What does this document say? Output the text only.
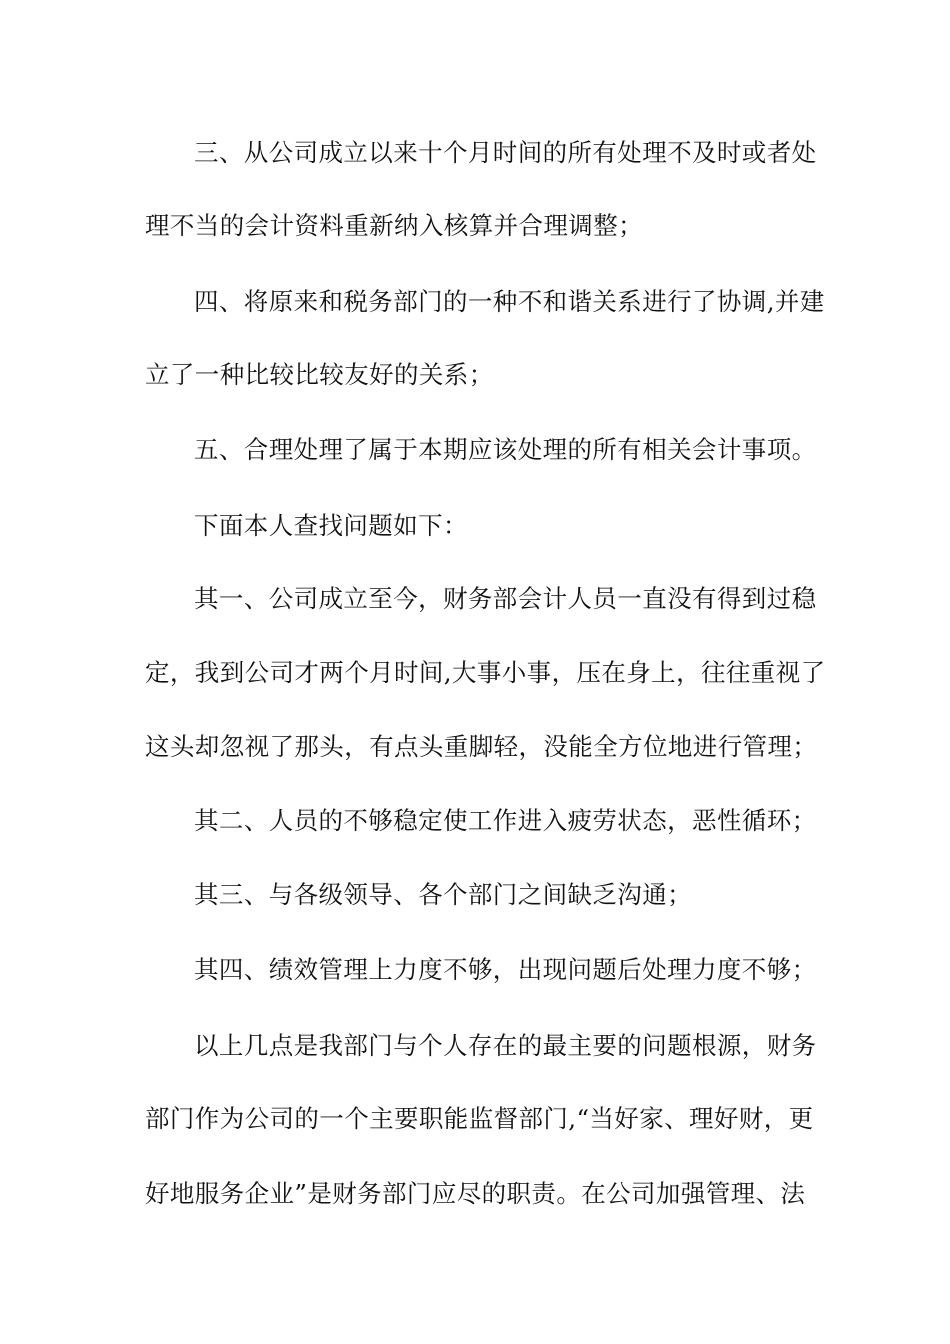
三、从公司成立以来十个月时间的所有处理不及时或者处
理不当的会计资料重新纳入核算并合理调整；
四、将原来和税务部门的一种不和谐关系进行了协调,并建
立了一种比较比较友好的关系；
五、合理处理了属于本期应该处理的所有相关会计事项。
下面本人查找问题如下：
其一、公司成立至今，财务部会计人员一直没有得到过稳
定，我到公司才两个月时间,大事小事，压在身上，往往重视了
这头却忽视了那头，有点头重脚轻，没能全方位地进行管理；
其二、人员的不够稳定使工作进入疲劳状态，恶性循环；
其三、与各级领导、各个部门之间缺乏沟通；
其四、绩效管理上力度不够，出现问题后处理力度不够；
以上几点是我部门与个人存在的最主要的问题根源，财务
部门作为公司的一个主要职能监督部门,“当好家、理好财，更
好地服务企业”是财务部门应尽的职责。在公司加强管理、法
